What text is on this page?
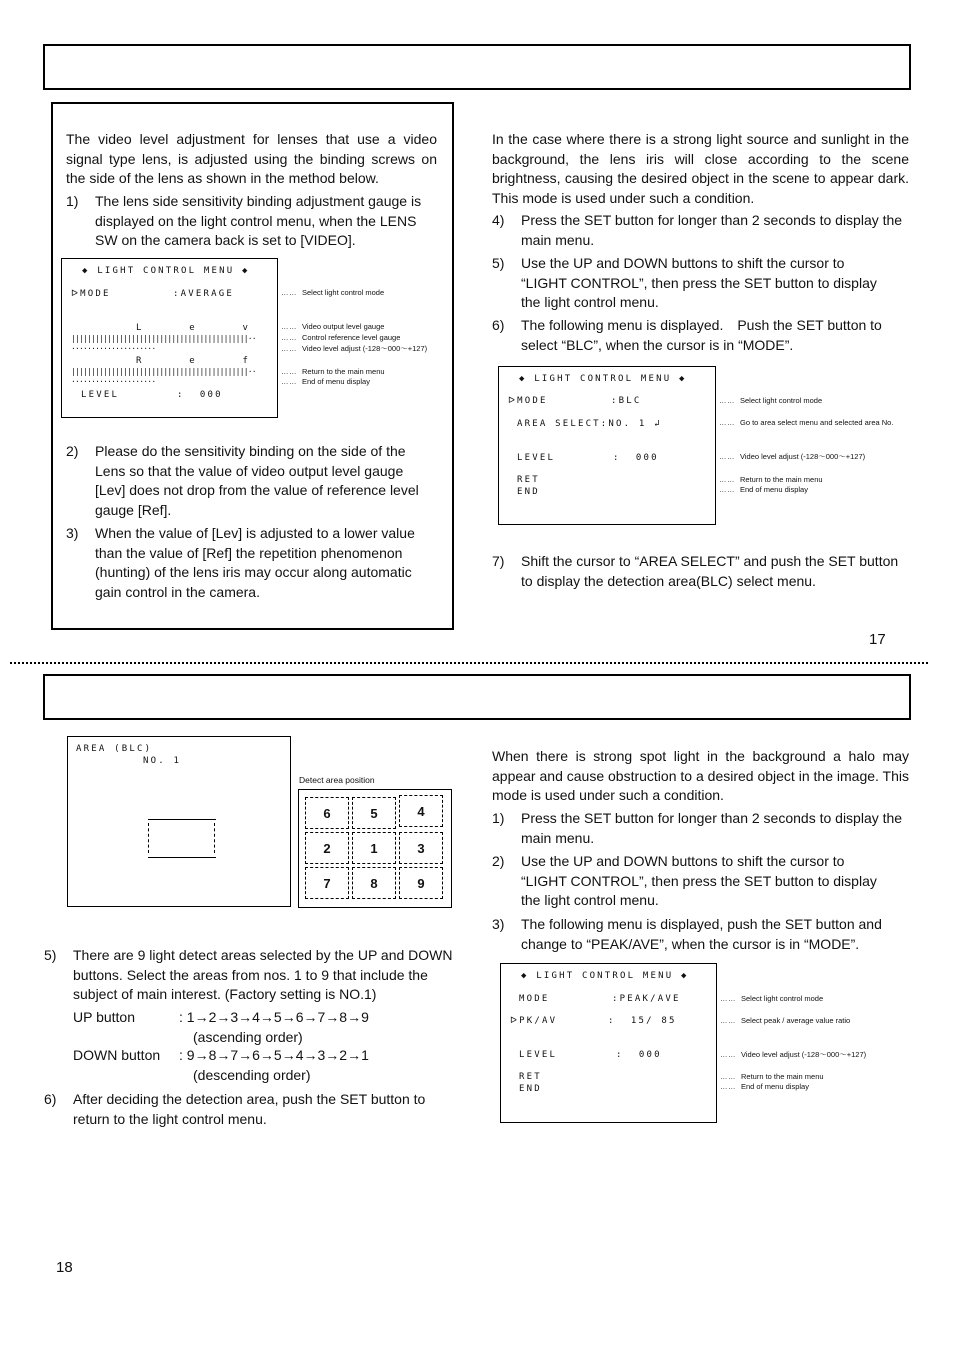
The video level adjustment for lenses that use a video signal type lens, is adjusted using the binding screws on the side of the lens as shown in the method below.
1) The lens side sensitivity binding adjustment gauge is displayed on the light control menu, when the LENS SW on the camera back is set to [VIDEO].
◆ LIGHT CONTROL MENU ◆
ᐅMODE	:AVERAGE
L        e        v
||||||||||||||||||||||||||||||||||||||||||||··
·····················
R        e        f
||||||||||||||||||||||||||||||||||||||||||||··
·····················
LEVEL	:  000
…… Select light control mode
…… Video output level gauge
…… Control reference level gauge
…… Video level adjust (-128～000～+127)
…… Return to the main menu
…… End of menu display
2) Please do the sensitivity binding on the side of the Lens so that the value of video output level gauge [Lev] does not drop from the value of reference level gauge [Ref].
3) When the value of [Lev] is adjusted to a lower value than the value of [Ref] the repetition phenomenon (hunting) of the lens iris may occur along automatic gain control in the camera.
In the case where there is a strong light source and sunlight in the background, the lens iris will close according to the scene brightness, causing the desired object in the scene to appear dark. This mode is used under such a condition.
4) Press the SET button for longer than 2 seconds to display the main menu.
5) Use the UP and DOWN buttons to shift the cursor to “LIGHT CONTROL”, then press the SET button to display the light control menu.
6) The following menu is displayed.　Push the SET button to select “BLC”, when the cursor is in “MODE”.
◆ LIGHT CONTROL MENU ◆
ᐅMODE	:BLC
AREA SELECT:NO. 1 ↲
LEVEL	:  000
RET
END
…… Select light control mode
…… Go to area select menu and selected area No.
…… Video level adjust (-128～000～+127)
…… Return to the main menu
…… End of menu display
7) Shift the cursor to “AREA SELECT” and push the SET button to display the detection area(BLC) select menu.
17
AREA (BLC)
NO. 1
Detect area position
6	5	4
2	1	3
7	8	9
5) There are 9 light detect areas selected by the UP and DOWN buttons. Select the areas from nos. 1 to 9 that include the subject of main interest. (Factory setting is NO.1)
UP button	: 1→2→3→4→5→6→7→8→9
(ascending order)
DOWN button : 9→8→7→6→5→4→3→2→1
(descending order)
6) After deciding the detection area, push the SET button to return to the light control menu.
When there is strong spot light in the background a halo may appear and cause obstruction to a desired object in the image. This mode is used under such a condition.
1) Press the SET button for longer than 2 seconds to display the main menu.
2) Use the UP and DOWN buttons to shift the cursor to “LIGHT CONTROL”, then press the SET button to display the light control menu.
3) The following menu is displayed, push the SET button and change to “PEAK/AVE”, when the cursor is in “MODE”.
◆ LIGHT CONTROL MENU ◆
MODE	:PEAK/AVE
ᐅPK/AV	:  15/ 85
LEVEL	:  000
RET
END
…… Select light control mode
…… Select peak / average value ratio
…… Video level adjust (-128～000～+127)
…… Return to the main menu
…… End of menu display
18
